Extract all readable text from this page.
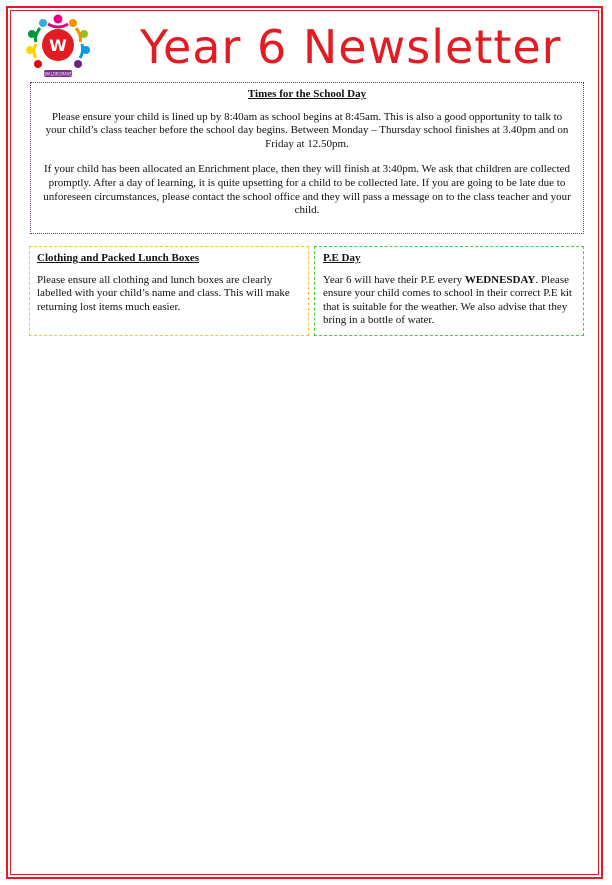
W
WALDEGRAVE Year 6 Newsletter
Times for the School Day

Please ensure your child is lined up by 8:40am as school begins at 8:45am. This is also a good opportunity to talk to your child’s class teacher before the school day begins. Between Monday – Thursday school finishes at 3.40pm and on Friday at 12.50pm.

If your child has been allocated an Enrichment place, then they will finish at 3:40pm. We ask that children are collected promptly. After a day of learning, it is quite upsetting for a child to be collected late. If you are going to be late due to unforeseen circumstances, please contact the school office and they will pass a message on to the class teacher and your child.

Clothing and Packed Lunch Boxes

Please ensure all clothing and lunch boxes are clearly labelled with your child’s name and class. This will make returning lost items much easier.

P.E Day

Year 6 will have their P.E every WEDNESDAY. Please ensure your child comes to school in their correct P.E kit that is suitable for the weather. We also advise that they bring in a bottle of water.
